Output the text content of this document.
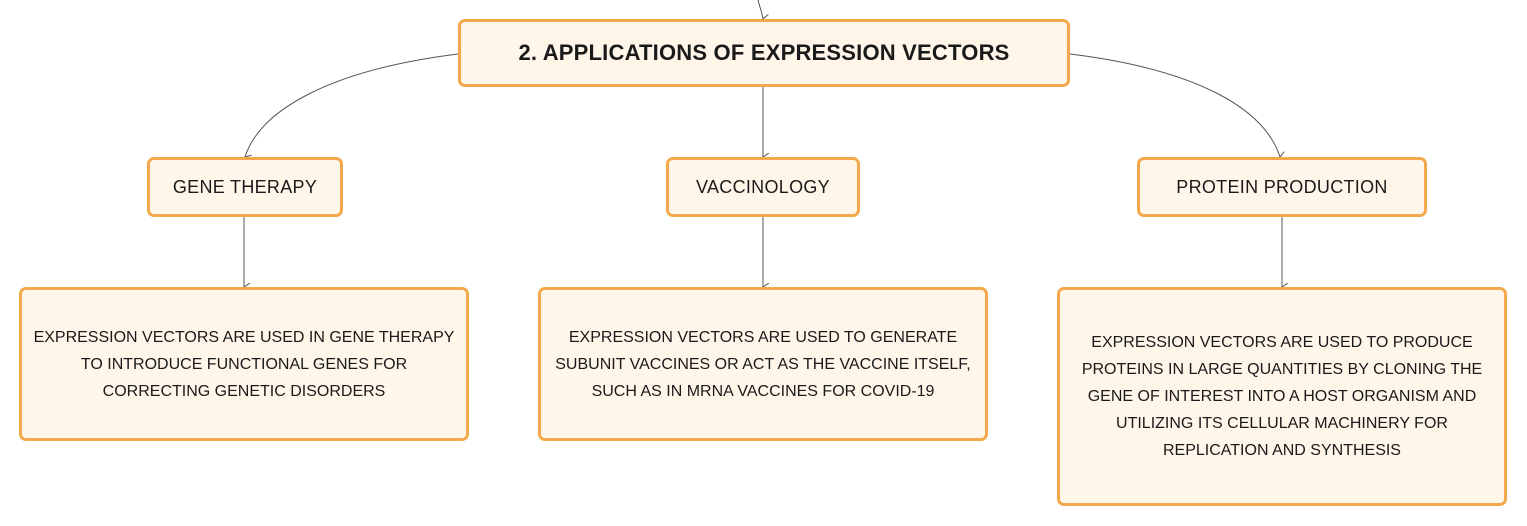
2. APPLICATIONS OF EXPRESSION VECTORS
GENE THERAPY	VACCINOLOGY	PROTEIN PRODUCTION
EXPRESSION VECTORS ARE USED IN GENE THERAPY TO INTRODUCE FUNCTIONAL GENES FOR CORRECTING GENETIC DISORDERS
EXPRESSION VECTORS ARE USED TO GENERATE SUBUNIT VACCINES OR ACT AS THE VACCINE ITSELF, SUCH AS IN MRNA VACCINES FOR COVID-19
EXPRESSION VECTORS ARE USED TO PRODUCE PROTEINS IN LARGE QUANTITIES BY CLONING THE GENE OF INTEREST INTO A HOST ORGANISM AND UTILIZING ITS CELLULAR MACHINERY FOR REPLICATION AND SYNTHESIS
